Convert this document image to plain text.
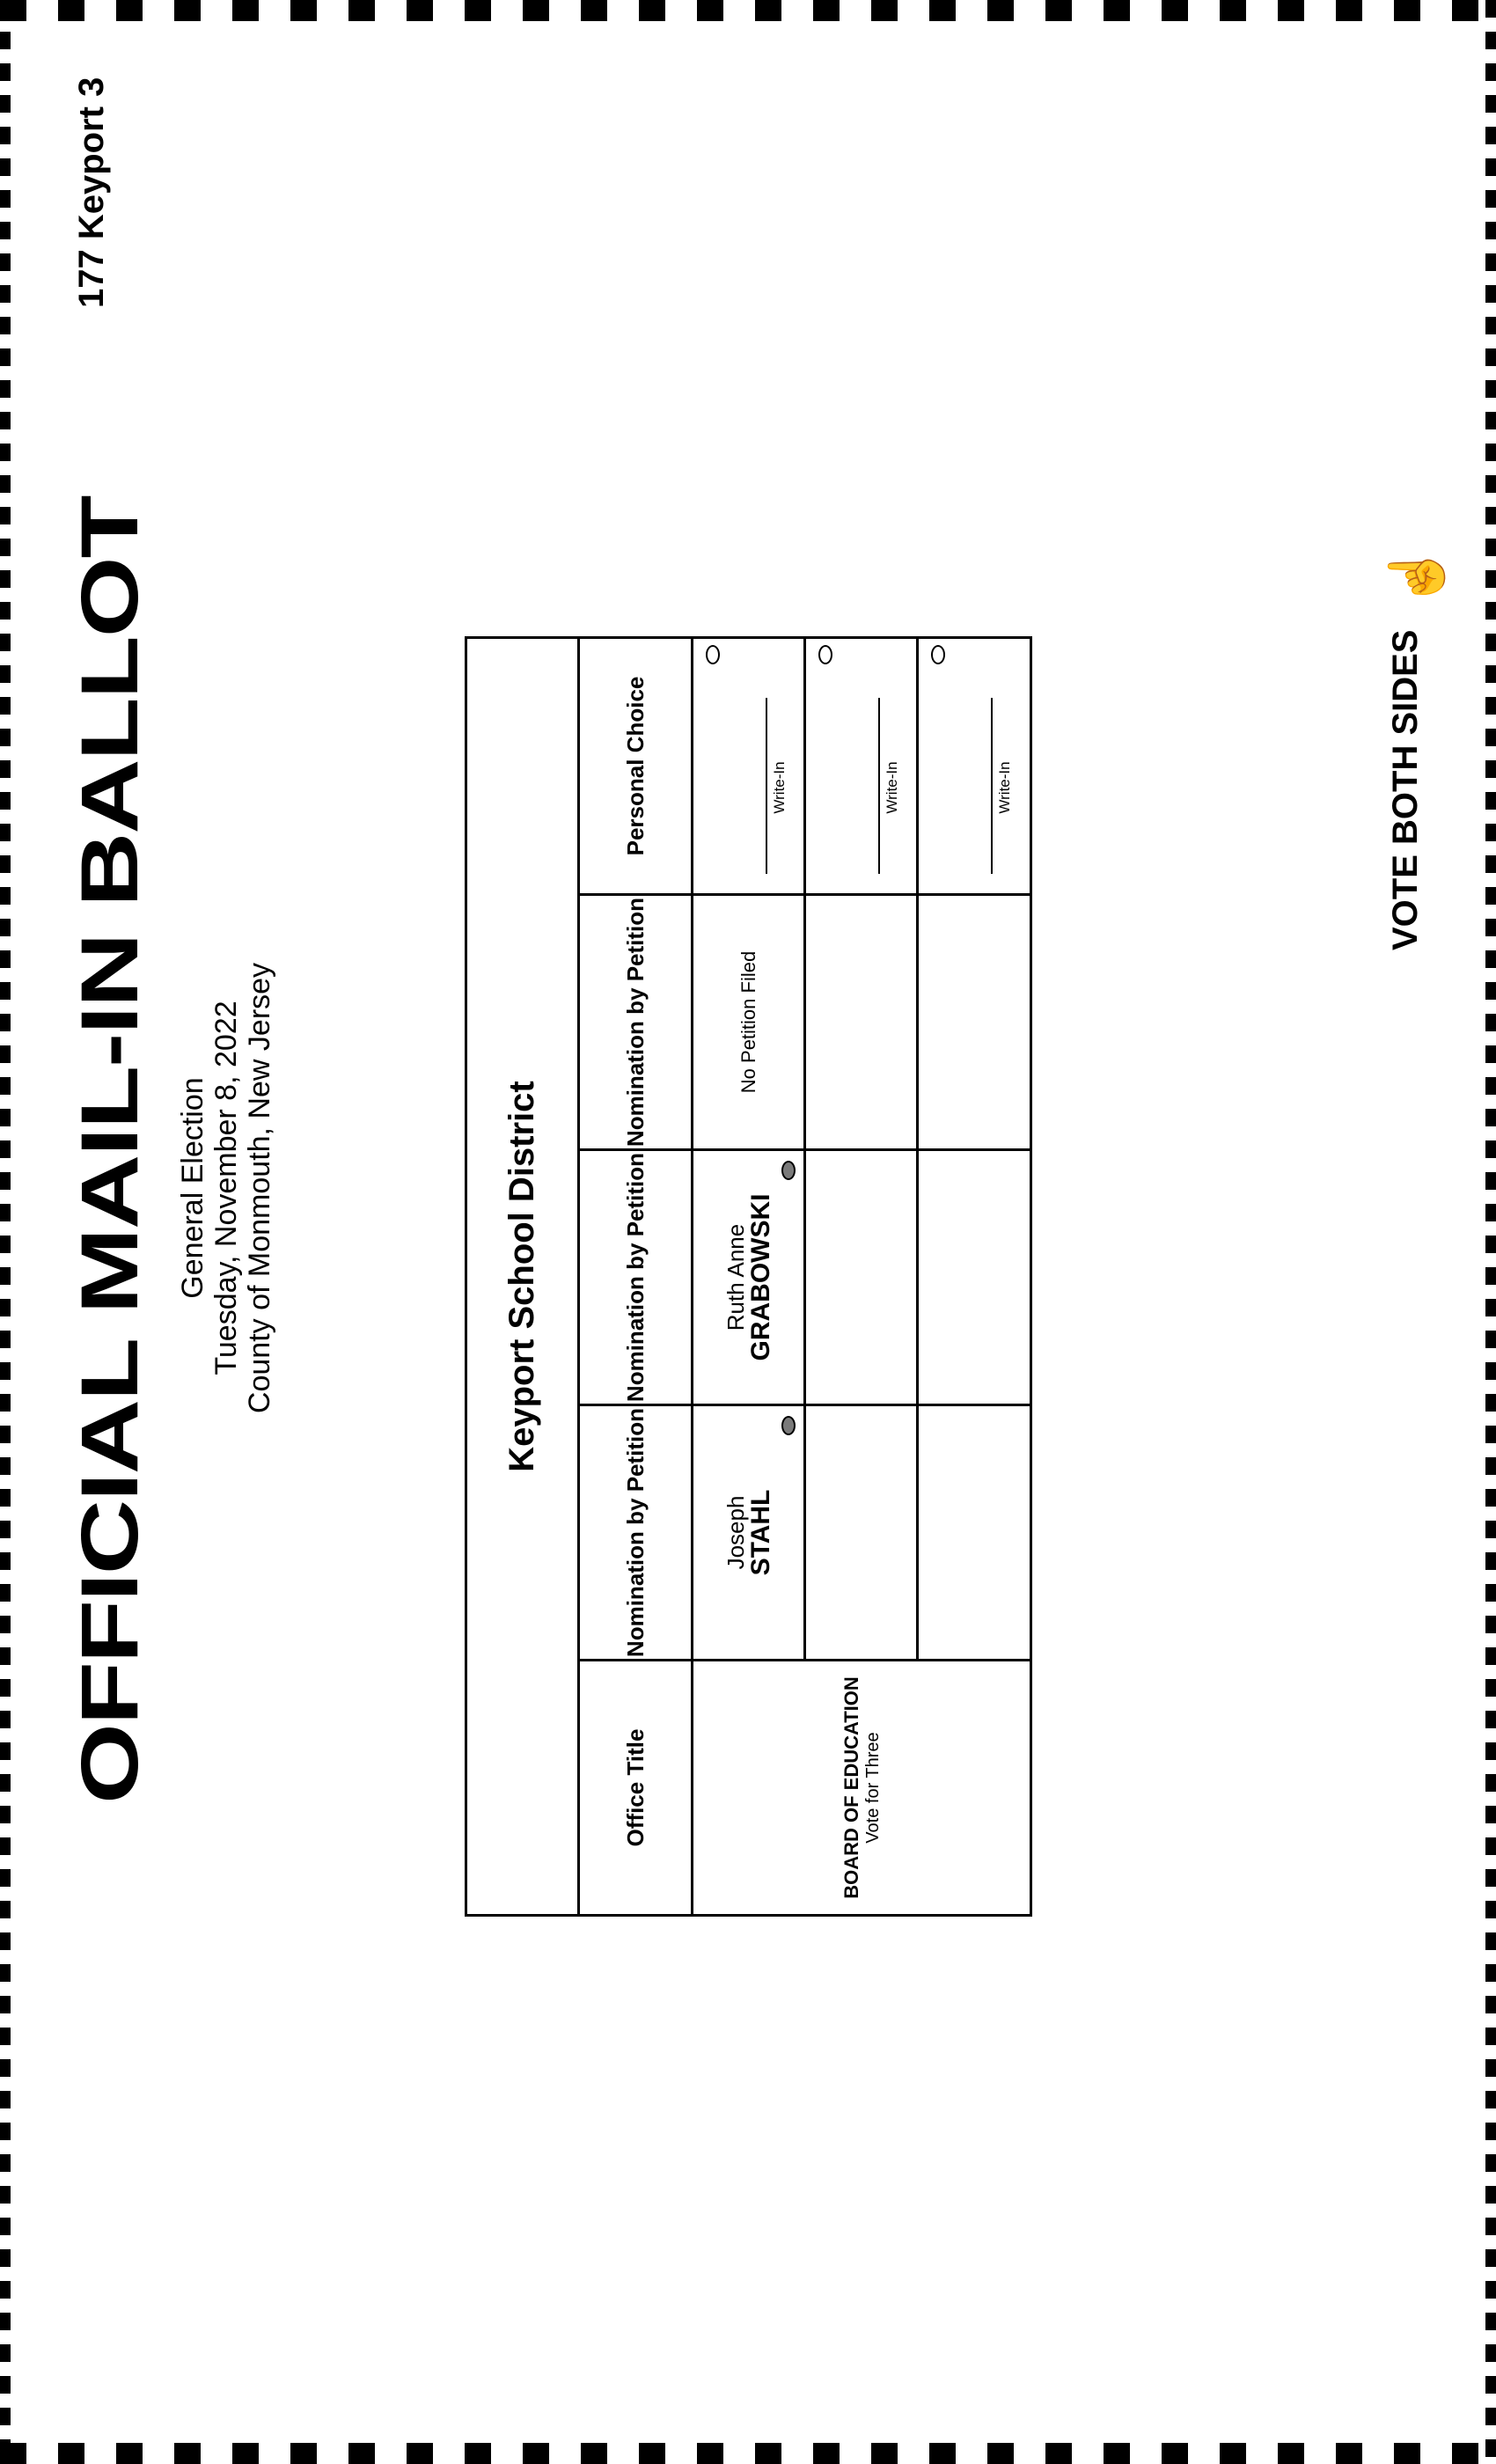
OFFICIAL MAIL-IN BALLOT General Election Tuesday, November 8, 2022 County of Monmouth, New Jersey
177 Keyport 3
VOTE BOTH SIDES
☝
Keyport School District
Office Title
Nomination by Petition
Nomination by Petition
Nomination by Petition
Personal Choice
BOARD OF EDUCATION Vote for Three
Joseph
STAHL
Ruth Anne
GRABOWSKI
No Petition Filed
Write-In	Write-In	Write-In
